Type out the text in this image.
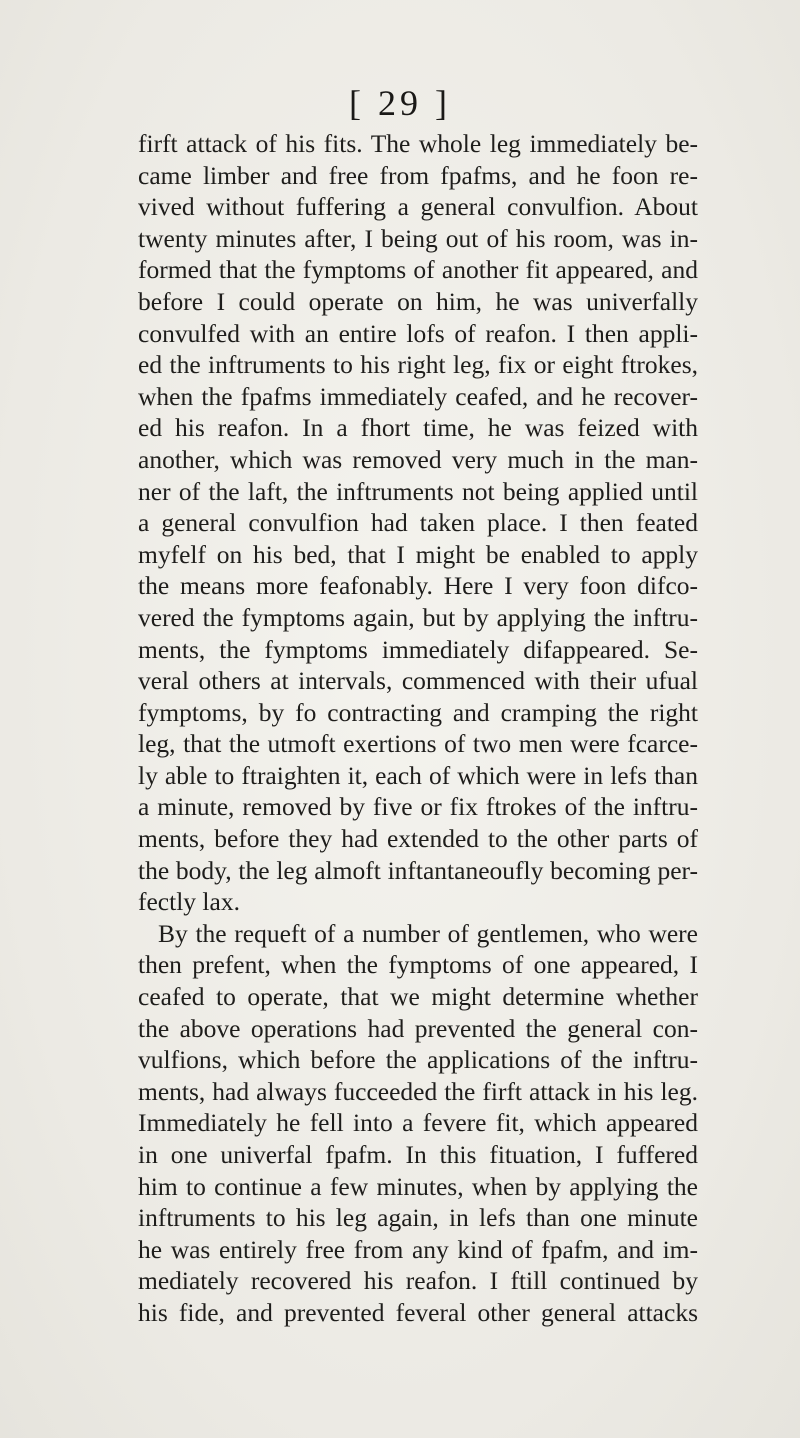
[ 29 ]
firft attack of his fits. The whole leg immediately be-
came limber and free from fpafms, and he foon re-
vived without fuffering a general convulfion. About
twenty minutes after, I being out of his room, was in-
formed that the fymptoms of another fit appeared, and
before I could operate on him, he was univerfally
convulfed with an entire lofs of reafon. I then appli-
ed the inftruments to his right leg, fix or eight ftrokes,
when the fpafms immediately ceafed, and he recover-
ed his reafon. In a fhort time, he was feized with
another, which was removed very much in the man-
ner of the laft, the inftruments not being applied until
a general convulfion had taken place. I then feated
myfelf on his bed, that I might be enabled to apply
the means more feafonably. Here I very foon difco-
vered the fymptoms again, but by applying the inftru-
ments, the fymptoms immediately difappeared. Se-
veral others at intervals, commenced with their ufual
fymptoms, by fo contracting and cramping the right
leg, that the utmoft exertions of two men were fcarce-
ly able to ftraighten it, each of which were in lefs than
a minute, removed by five or fix ftrokes of the inftru-
ments, before they had extended to the other parts of
the body, the leg almoft inftantaneoufly becoming per-
fectly lax.
By the requeft of a number of gentlemen, who were
then prefent, when the fymptoms of one appeared, I
ceafed to operate, that we might determine whether
the above operations had prevented the general con-
vulfions, which before the applications of the inftru-
ments, had always fucceeded the firft attack in his leg.
Immediately he fell into a fevere fit, which appeared
in one univerfal fpafm. In this fituation, I fuffered
him to continue a few minutes, when by applying the
inftruments to his leg again, in lefs than one minute
he was entirely free from any kind of fpafm, and im-
mediately recovered his reafon. I ftill continued by
his fide, and prevented feveral other general attacks
